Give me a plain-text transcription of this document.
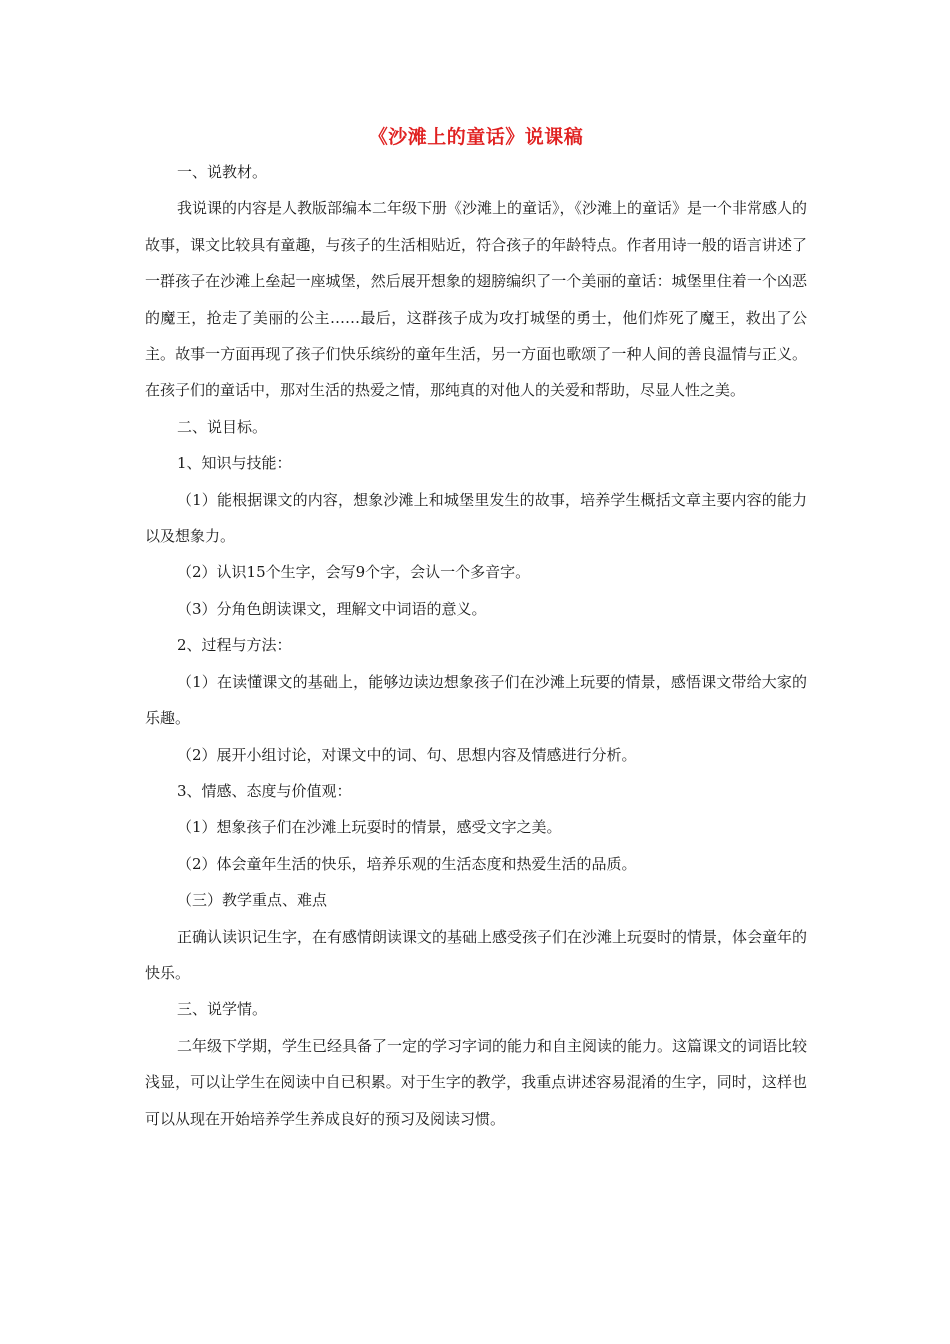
《沙滩上的童话》说课稿

一、说教材。

我说课的内容是人教版部编本二年级下册《沙滩上的童话》，《沙滩上的童话》是一个非常感人的故事，课文比较具有童趣，与孩子的生活相贴近，符合孩子的年龄特点。作者用诗一般的语言讲述了一群孩子在沙滩上垒起一座城堡，然后展开想象的翅膀编织了一个美丽的童话：城堡里住着一个凶恶的魔王，抢走了美丽的公主……最后，这群孩子成为攻打城堡的勇士，他们炸死了魔王，救出了公主。故事一方面再现了孩子们快乐缤纷的童年生活，另一方面也歌颂了一种人间的善良温情与正义。在孩子们的童话中，那对生活的热爱之情，那纯真的对他人的关爱和帮助，尽显人性之美。

二、说目标。

1、知识与技能：

（1）能根据课文的内容，想象沙滩上和城堡里发生的故事，培养学生概括文章主要内容的能力以及想象力。

（2）认识15个生字，会写9个字，会认一个多音字。

（3）分角色朗读课文，理解文中词语的意义。

2、过程与方法：

（1）在读懂课文的基础上，能够边读边想象孩子们在沙滩上玩要的情景，感悟课文带给大家的乐趣。

（2）展开小组讨论，对课文中的词、句、思想内容及情感进行分析。

3、情感、态度与价值观：

（1）想象孩子们在沙滩上玩耍时的情景，感受文字之美。

（2）体会童年生活的快乐，培养乐观的生活态度和热爱生活的品质。

（三）教学重点、难点

正确认读识记生字，在有感情朗读课文的基础上感受孩子们在沙滩上玩耍时的情景，体会童年的快乐。

三、说学情。

二年级下学期，学生已经具备了一定的学习字词的能力和自主阅读的能力。这篇课文的词语比较浅显，可以让学生在阅读中自已积累。对于生字的教学，我重点讲述容易混淆的生字，同时，这样也可以从现在开始培养学生养成良好的预习及阅读习惯。
